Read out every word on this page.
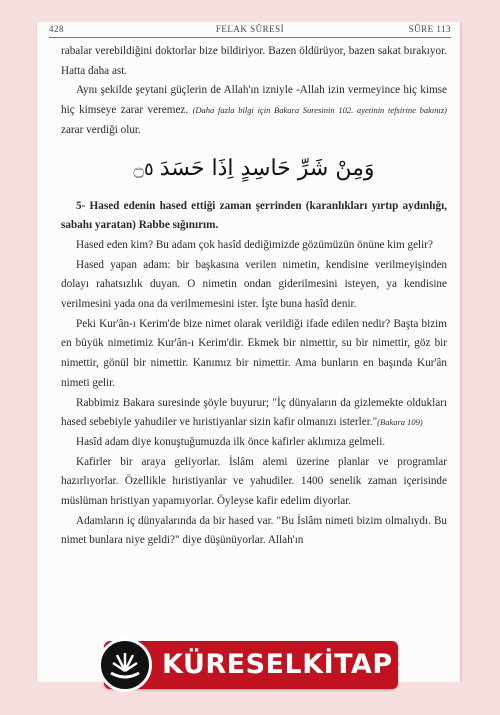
428	FELAK SÛRESİ	SÛRE 113

rabalar verebildiğini doktorlar bize bildiriyor. Bazen öldürüyor, bazen sakat bırakıyor. Hatta daha ast.

Aynı şekilde şeytani güçlerin de Allah'ın izniyle -Allah izin vermeyince hiç kimse hiç kimseye zarar veremez. (Daha fazla bilgi için Bakara Suresinin 102. ayetinin tefsirine bakınız) zarar verdiği olur.

وَمِنْ شَرِّ حَاسِدٍ اِذَا حَسَدَ۝٥

5- Hased edenin hased ettiği zaman şerrinden (karanlıkları yırtıp aydınlığı, sabahı yaratan) Rabbe sığınırım.

Hased eden kim? Bu adam çok hasîd dediğimizde gözümüzün önüne kim gelir?

Hased yapan adam: bir başkasına verilen nimetin, kendisine verilmeyişinden dolayı rahatsızlık duyan. O nimetin ondan giderilmesini isteyen, ya kendisine verilmesini yada ona da verilmemesini ister. İşte buna hasîd denir.

Peki Kur'ân-ı Kerim'de bize nimet olarak verildiği ifade edilen nedir? Başta bizim en büyük nimetimiz Kur'ân-ı Kerim'dir. Ekmek bir nimettir, su bir nimettir, göz bir nimettir, gönül bir nimettir. Kanımız bir nimettir. Ama bunların en başında Kur'ân nimeti gelir.

Rabbimiz Bakara suresinde şöyle buyurur; "İç dünyaların da gizlemekte oldukları hased sebebiyle yahudiler ve hıristiyanlar sizin kafir olmanızı isterler."(Bakara 109)

Hasîd adam diye konuştuğumuzda ilk önce kafirler aklımıza gelmeli.

Kafirler bir araya geliyorlar. İslâm alemi üzerine planlar ve programlar hazırlıyorlar. Özellikle hıristiyanlar ve yahudiler. 1400 senelik zaman içerisinde müslüman hristiyan yapamıyorlar. Öyleyse kafir edelim diyorlar.

Adamların iç dünyalarında da bir hased var. "Bu İslâm nimeti bizim olmalıydı. Bu nimet bunlara niye geldi?" diye düşünüyorlar. Allah'ın

KÜRESELKİTAP
